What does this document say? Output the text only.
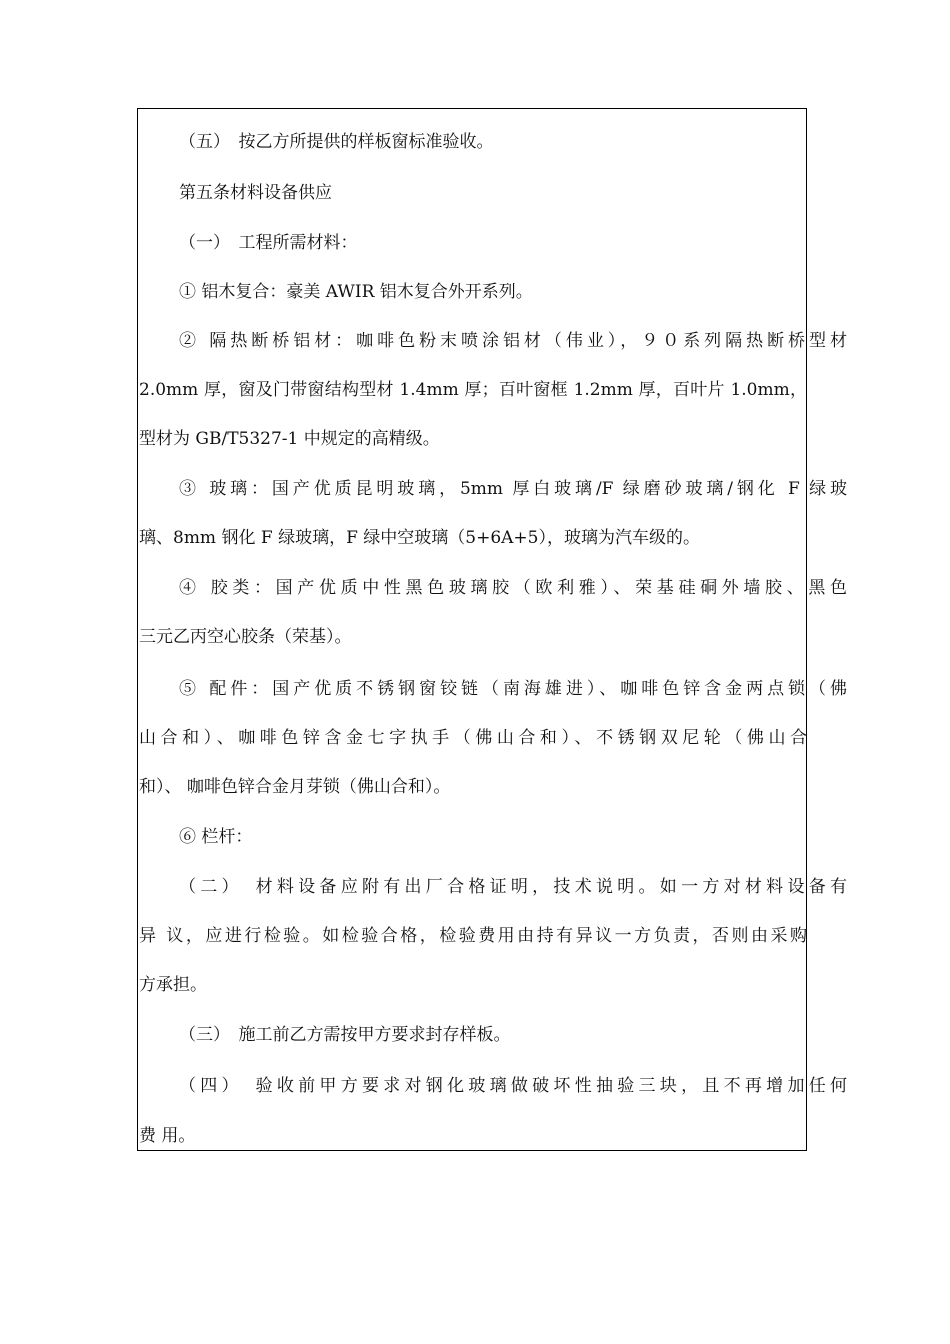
（五）　按乙方所提供的样板窗标准验收。
第五条材料设备供应
（一）　工程所需材料：
① 铝木复合：豪美 AWIR 铝木复合外开系列。
② 隔热断桥铝材：咖啡色粉末喷涂铝材（伟业），９０系列隔热断桥型材
2.0mm 厚，窗及门带窗结构型材 1.4mm 厚；百叶窗框 1.2mm 厚，百叶片 1.0mm，
型材为 GB/T5327-1 中规定的高精级。
③ 玻璃：国产优质昆明玻璃，5mm 厚白玻璃/F 绿磨砂玻璃/钢化 F 绿玻
璃、8mm 钢化 F 绿玻璃，F 绿中空玻璃（5+6A+5），玻璃为汽车级的。
④ 胶类：国产优质中性黑色玻璃胶（欧利雅）、荣基硅硐外墙胶、黑色
三元乙丙空心胶条（荣基）。
⑤ 配件：国产优质不锈钢窗铰链（南海雄进）、咖啡色锌含金两点锁（佛
山合和）、咖啡色锌含金七字执手（佛山合和）、不锈钢双尼轮（佛山合
和）、 咖啡色锌合金月芽锁（佛山合和）。
⑥ 栏杆：
（二）　材料设备应附有出厂合格证明，技术说明。如一方对材料设备有
异 议，应进行检验。如检验合格，检验费用由持有异议一方负责，否则由采购
方承担。
（三）　施工前乙方需按甲方要求封存样板。
（四）　验收前甲方要求对钢化玻璃做破坏性抽验三块，且不再增加任何
费 用。
